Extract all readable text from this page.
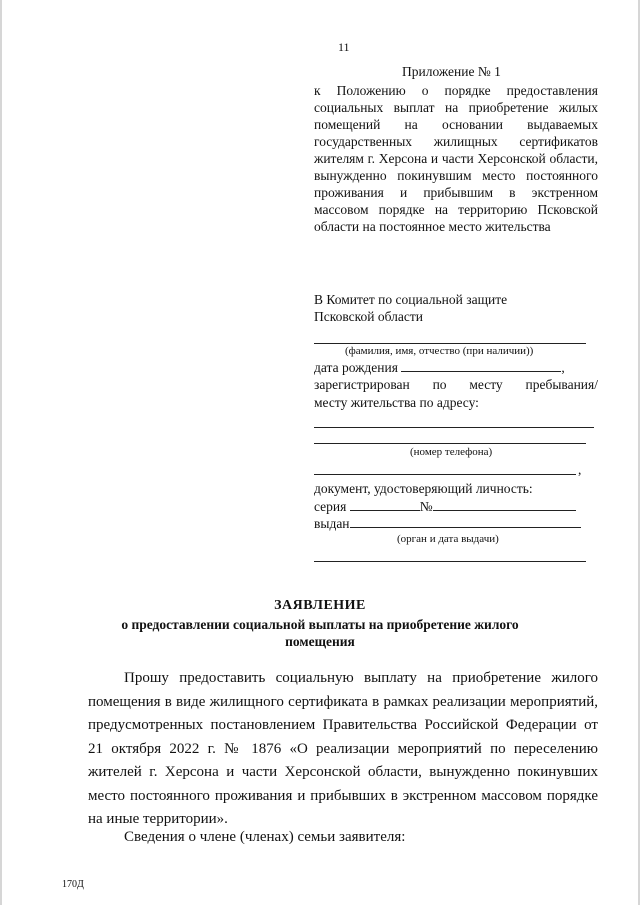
11
Приложение № 1
к Положению о порядке предоставления социальных выплат на приобретение жилых помещений на основании выдаваемых государственных жилищных сертификатов жителям г. Херсона и части Херсонской области, вынужденно покинувшим место постоянного проживания и прибывшим в экстренном массовом порядке на территорию Псковской области на постоянное место жительства
В Комитет по социальной защите
Псковской области
(фамилия, имя, отчество (при наличии))
дата рождения	,
зарегистрирован по месту пребывания/
месту жительства по адресу:
(номер телефона)
,
документ, удостоверяющий личность:
серия	№
выдан
(орган и дата выдачи)
ЗАЯВЛЕНИЕ
о предоставлении социальной выплаты на приобретение жилого помещения
Прошу предоставить социальную выплату на приобретение жилого помещения в виде жилищного сертификата в рамках реализации мероприятий, предусмотренных постановлением Правительства Российской Федерации от 21 октября 2022 г. № 1876 «О реализации мероприятий по переселению жителей г. Херсона и части Херсонской области, вынужденно покинувших место постоянного проживания и прибывших в экстренном массовом порядке на иные территории».
Сведения о члене (членах) семьи заявителя:
170Д
